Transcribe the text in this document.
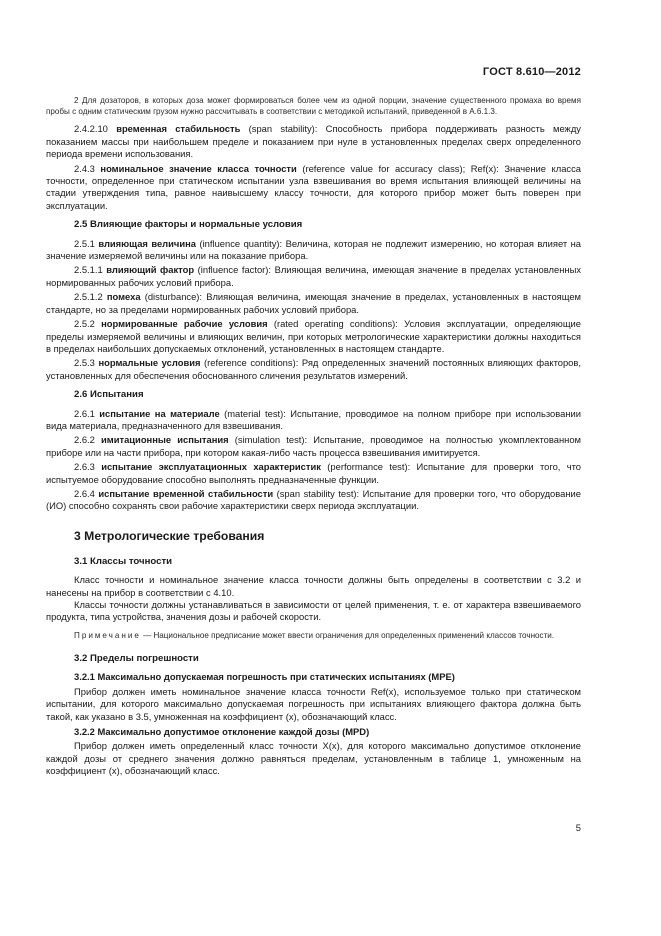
ГОСТ 8.610—2012

2 Для дозаторов, в которых доза может формироваться более чем из одной порции, значение существенного промаха во время пробы с одним статическим грузом нужно рассчитывать в соответствии с методикой испытаний, приведенной в А.6.1.3.

2.4.2.10 временная стабильность (span stability): Способность прибора поддерживать разность между показанием массы при наибольшем пределе и показанием при нуле в установленных пределах сверх определенного периода времени использования.

2.4.3 номинальное значение класса точности (reference value for accuracy class); Ref(x): Значение класса точности, определенное при статическом испытании узла взвешивания во время испытания влияющей величины на стадии утверждения типа, равное наивысшему классу точности, для которого прибор может быть поверен при эксплуатации.

2.5 Влияющие факторы и нормальные условия

2.5.1 влияющая величина (influence quantity): Величина, которая не подлежит измерению, но которая влияет на значение измеряемой величины или на показание прибора.

2.5.1.1 влияющий фактор (influence factor): Влияющая величина, имеющая значение в пределах установленных нормированных рабочих условий прибора.

2.5.1.2 помеха (disturbance): Влияющая величина, имеющая значение в пределах, установленных в настоящем стандарте, но за пределами нормированных рабочих условий прибора.

2.5.2 нормированные рабочие условия (rated operating conditions): Условия эксплуатации, определяющие пределы измеряемой величины и влияющих величин, при которых метрологические характеристики должны находиться в пределах наибольших допускаемых отклонений, установленных в настоящем стандарте.

2.5.3 нормальные условия (reference conditions): Ряд определенных значений постоянных влияющих факторов, установленных для обеспечения обоснованного сличения результатов измерений.

2.6 Испытания

2.6.1 испытание на материале (material test): Испытание, проводимое на полном приборе при использовании вида материала, предназначенного для взвешивания.

2.6.2 имитационные испытания (simulation test): Испытание, проводимое на полностью укомплектованном приборе или на части прибора, при котором какая-либо часть процесса взвешивания имитируется.

2.6.3 испытание эксплуатационных характеристик (performance test): Испытание для проверки того, что испытуемое оборудование способно выполнять предназначенные функции.

2.6.4 испытание временной стабильности (span stability test): Испытание для проверки того, что оборудование (ИО) способно сохранять свои рабочие характеристики сверх периода эксплуатации.

3 Метрологические требования
3.1 Классы точности

Класс точности и номинальное значение класса точности должны быть определены в соответствии с 3.2 и нанесены на прибор в соответствии с 4.10.

Классы точности должны устанавливаться в зависимости от целей применения, т. е. от характера взвешиваемого продукта, типа устройства, значения дозы и рабочей скорости.

Примечание — Национальное предписание может ввести ограничения для определенных применений классов точности.

3.2 Пределы погрешности
3.2.1 Максимально допускаемая погрешность при статических испытаниях (MPE)

Прибор должен иметь номинальное значение класса точности Ref(x), используемое только при статическом испытании, для которого максимально допускаемая погрешность при испытаниях влияющего фактора должна быть такой, как указано в 3.5, умноженная на коэффициент (x), обозначающий класс.

3.2.2 Максимально допустимое отклонение каждой дозы (MPD)

Прибор должен иметь определенный класс точности X(x), для которого максимально допустимое отклонение каждой дозы от среднего значения должно равняться пределам, установленным в таблице 1, умноженным на коэффициент (x), обозначающий класс.

5
